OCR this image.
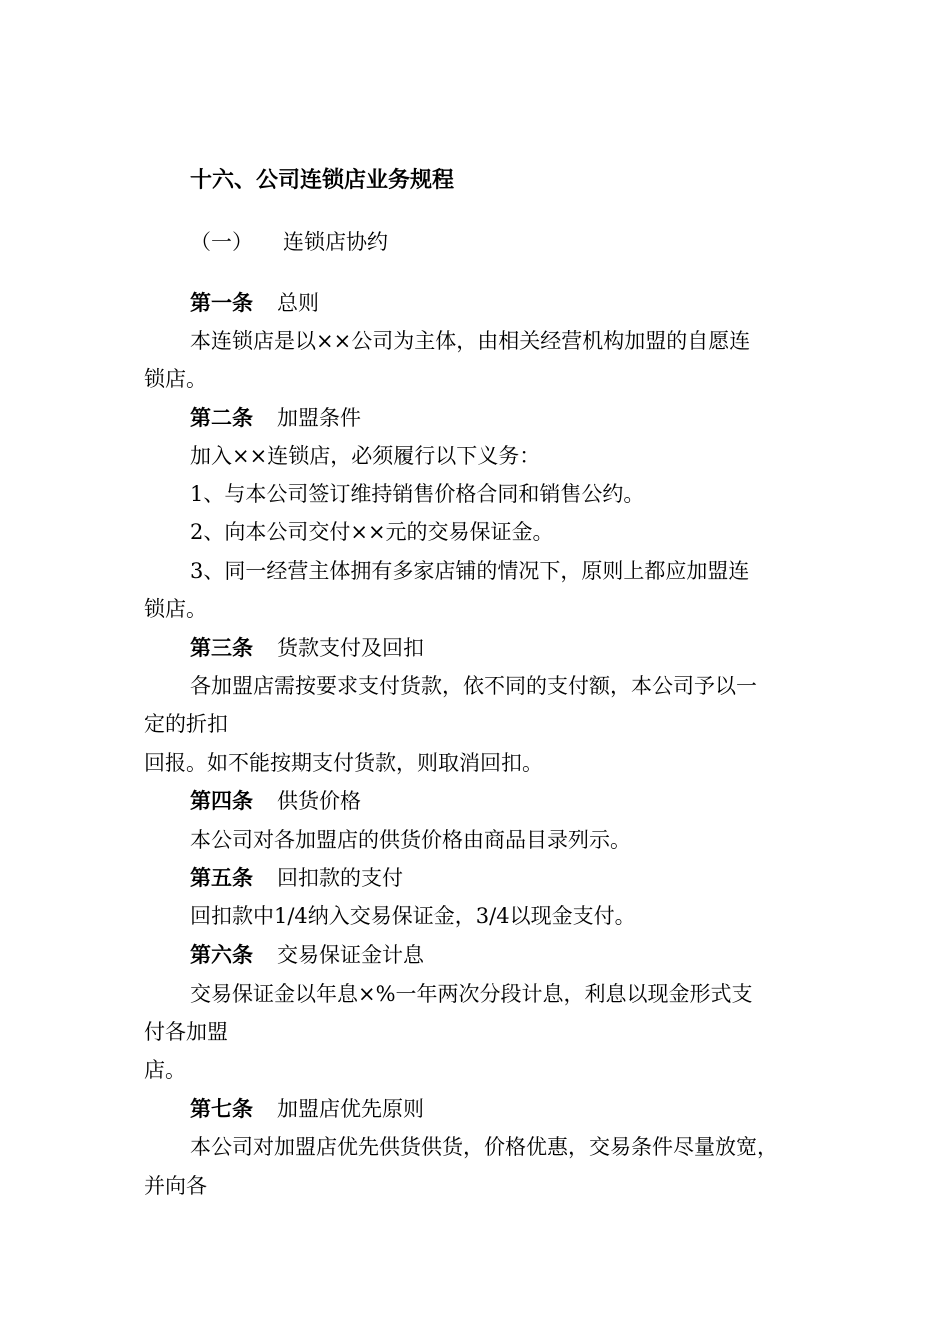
十六、公司连锁店业务规程
（一） 连锁店协约
第一条 总则
本连锁店是以××公司为主体，由相关经营机构加盟的自愿连
锁店。
第二条 加盟条件
加入××连锁店，必须履行以下义务：
1、与本公司签订维持销售价格合同和销售公约。
2、向本公司交付××元的交易保证金。
3、同一经营主体拥有多家店铺的情况下，原则上都应加盟连
锁店。
第三条 货款支付及回扣
各加盟店需按要求支付货款，依不同的支付额，本公司予以一
定的折扣
回报。如不能按期支付货款，则取消回扣。
第四条 供货价格
本公司对各加盟店的供货价格由商品目录列示。
第五条 回扣款的支付
回扣款中1/4纳入交易保证金，3/4以现金支付。
第六条 交易保证金计息
交易保证金以年息×%一年两次分段计息，利息以现金形式支
付各加盟
店。
第七条 加盟店优先原则
本公司对加盟店优先供货供货，价格优惠，交易条件尽量放宽，
并向各
